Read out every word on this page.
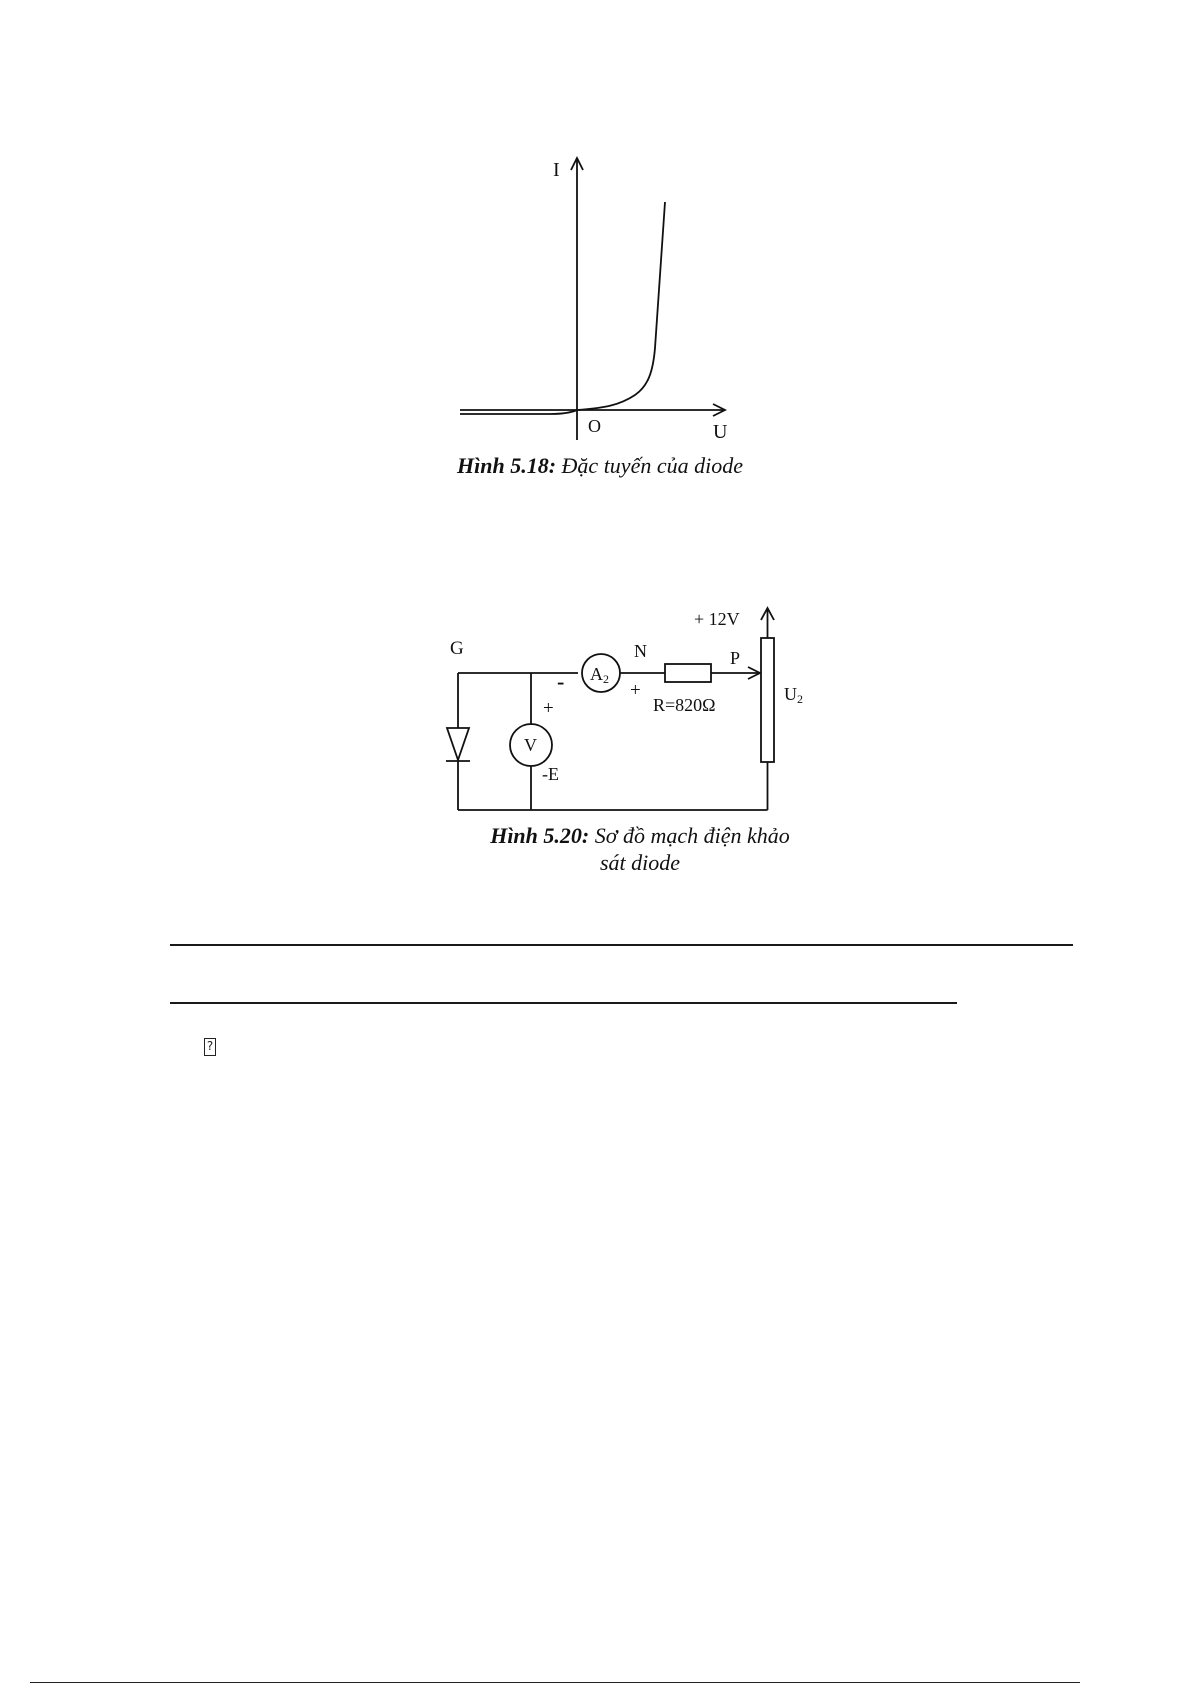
I
O	U
Hình 5.18: Đặc tuyến của diode
G
+ 12V
N	P
A2
-	+
R=820Ω
U2
+
V
-E
Hình 5.20: Sơ đồ mạch điện khảo
sát diode
?
